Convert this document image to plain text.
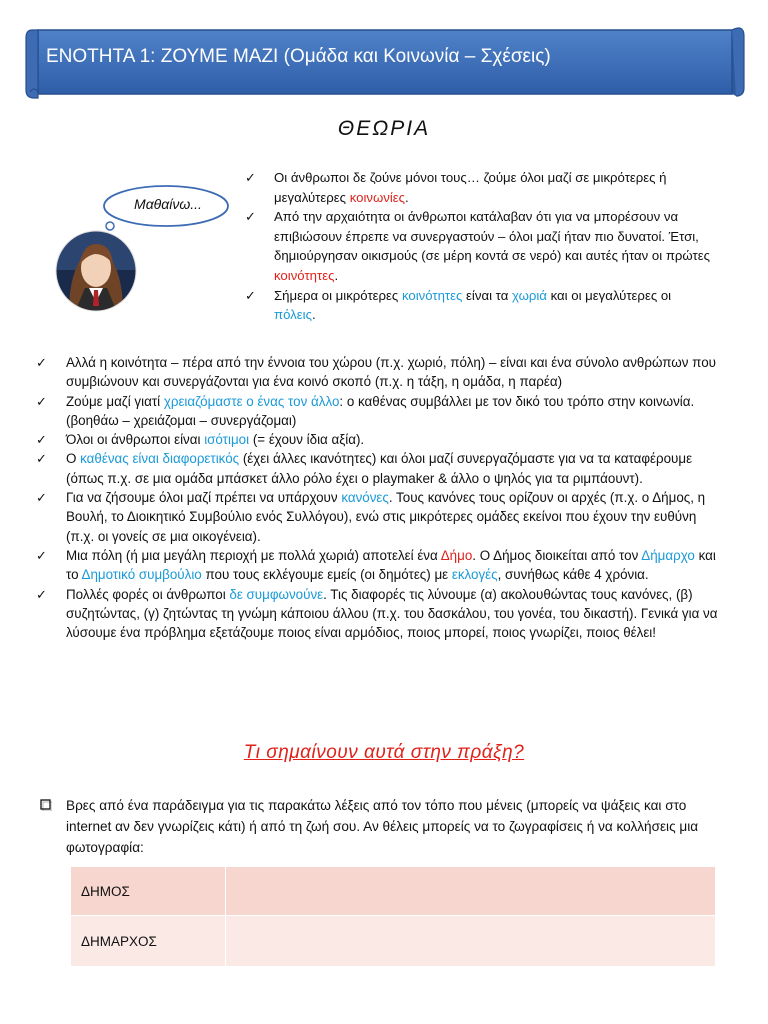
ΕΝΟΤΗΤΑ 1: ΖΟΥΜΕ ΜΑΖΙ (Ομάδα και Κοινωνία – Σχέσεις)
ΘΕΩΡΙΑ
Μαθαίνω...
✓	Οι άνθρωποι δε ζούνε μόνοι τους… ζούμε όλοι μαζί σε μικρότερες ή μεγαλύτερες κοινωνίες.
✓	Από την αρχαιότητα οι άνθρωποι κατάλαβαν ότι για να μπορέσουν να επιβιώσουν έπρεπε να συνεργαστούν – όλοι μαζί ήταν πιο δυνατοί. Έτσι, δημιούργησαν οικισμούς (σε μέρη κοντά σε νερό) και αυτές ήταν οι πρώτες κοινότητες.
✓	Σήμερα οι μικρότερες κοινότητες είναι τα χωριά και οι μεγαλύτερες οι πόλεις.
✓	Αλλά η κοινότητα – πέρα από την έννοια του χώρου (π.χ. χωριό, πόλη) – είναι και ένα σύνολο ανθρώπων που συμβιώνουν και συνεργάζονται για ένα κοινό σκοπό (π.χ. η τάξη, η ομάδα, η παρέα)
✓	Ζούμε μαζί γιατί χρειαζόμαστε ο ένας τον άλλο: ο καθένας συμβάλλει με τον δικό του τρόπο στην κοινωνία. (βοηθάω – χρειάζομαι – συνεργάζομαι)
✓	Όλοι οι άνθρωποι είναι ισότιμοι (= έχουν ίδια αξία).
✓	Ο καθένας είναι διαφορετικός (έχει άλλες ικανότητες) και όλοι μαζί συνεργαζόμαστε για να τα καταφέρουμε (όπως π.χ. σε μια ομάδα μπάσκετ άλλο ρόλο έχει ο playmaker & άλλο ο ψηλός για τα ριμπάουντ).
✓	Για να ζήσουμε όλοι μαζί πρέπει να υπάρχουν κανόνες. Τους κανόνες τους ορίζουν οι αρχές (π.χ. ο Δήμος, η Βουλή, το Διοικητικό Συμβούλιο ενός Συλλόγου), ενώ στις μικρότερες ομάδες εκείνοι που έχουν την ευθύνη (π.χ. οι γονείς σε μια οικογένεια).
✓	Μια πόλη (ή μια μεγάλη περιοχή με πολλά χωριά) αποτελεί ένα Δήμο. Ο Δήμος διοικείται από τον Δήμαρχο και το Δημοτικό συμβούλιο που τους εκλέγουμε εμείς (οι δημότες) με εκλογές, συνήθως κάθε 4 χρόνια.
✓	Πολλές φορές οι άνθρωποι δε συμφωνούνε. Τις διαφορές τις λύνουμε (α) ακολουθώντας τους κανόνες, (β) συζητώντας, (γ) ζητώντας τη γνώμη κάποιου άλλου (π.χ. του δασκάλου, του γονέα, του δικαστή). Γενικά για να λύσουμε ένα πρόβλημα εξετάζουμε ποιος είναι αρμόδιος, ποιος μπορεί, ποιος γνωρίζει, ποιος θέλει!
Τι σημαίνουν αυτά στην πράξη?
Βρες από ένα παράδειγμα για τις παρακάτω λέξεις από τον τόπο που μένεις (μπορείς να ψάξεις και στο internet αν δεν γνωρίζεις κάτι) ή από τη ζωή σου. Αν θέλεις μπορείς να το ζωγραφίσεις ή να κολλήσεις μια φωτογραφία:
ΔΗΜΟΣ	
ΔΗΜΑΡΧΟΣ	
